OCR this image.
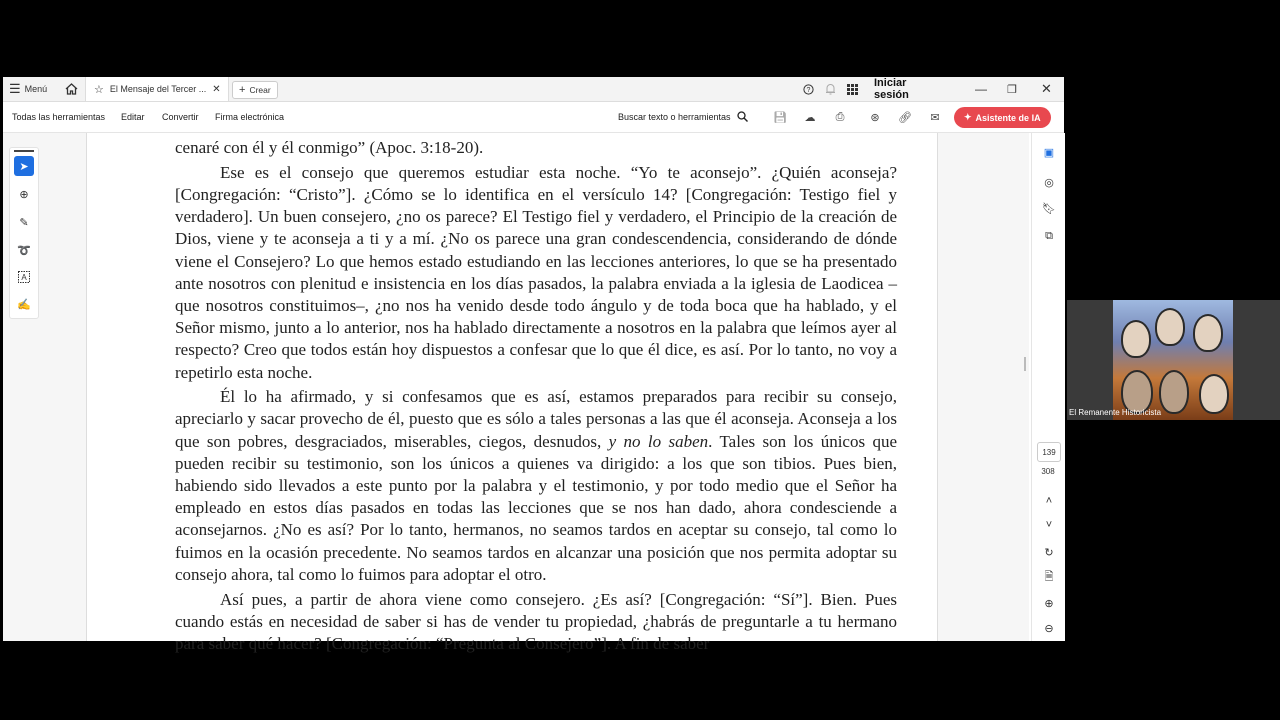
☰ Menú	☆ El Mensaje del Tercer ... ✕ + Crear	?
Iniciar sesión	— ❐ ✕
Todas las herramientas Editar Convertir Firma electrónica	Buscar texto o herramientas	💾︎	☁	⎙	⊛	🔗︎	✉	✦ Asistente de IA

cenaré con él y él conmigo” (Apoc. 3:18-20).

Ese es el consejo que queremos estudiar esta noche. “Yo te aconsejo”. ¿Quién aconseja? [Congregación: “Cristo”]. ¿Cómo se lo identifica en el versículo 14? [Congregación: Testigo fiel y verdadero]. Un buen consejero, ¿no os parece? El Testigo fiel y verdadero, el Principio de la creación de Dios, viene y te aconseja a ti y a mí. ¿No os parece una gran condescendencia, considerando de dónde viene el Consejero? Lo que hemos estado estudiando en las lecciones anteriores, lo que se ha presentado ante nosotros con plenitud e insistencia en los días pasados, la palabra enviada a la iglesia de Laodicea –que nosotros constituimos–, ¿no nos ha venido desde todo ángulo y de toda boca que ha hablado, y el Señor mismo, junto a lo anterior, nos ha hablado directamente a nosotros en la palabra que leímos ayer al respecto? Creo que todos están hoy dispuestos a confesar que lo que él dice, es así. Por lo tanto, no voy a repetirlo esta noche.

Él lo ha afirmado, y si confesamos que es así, estamos preparados para recibir su consejo, apreciarlo y sacar provecho de él, puesto que es sólo a tales personas a las que él aconseja. Aconseja a los que son pobres, desgraciados, miserables, ciegos, desnudos, y no lo saben. Tales son los únicos que pueden recibir su testimonio, son los únicos a quienes va dirigido: a los que son tibios. Pues bien, habiendo sido llevados a este punto por la palabra y el testimonio, y por todo medio que el Señor ha empleado en estos días pasados en todas las lecciones que se nos han dado, ahora condesciende a aconsejarnos. ¿No es así? Por lo tanto, hermanos, no seamos tardos en aceptar su consejo, tal como lo fuimos en la ocasión precedente. No seamos tardos en alcanzar una posición que nos permita adoptar su consejo ahora, tal como lo fuimos para adoptar el otro.

Así pues, a partir de ahora viene como consejero. ¿Es así? [Congregación: “Sí”]. Bien. Pues cuando estás en necesidad de saber si has de vender tu propiedad, ¿habrás de preguntarle a tu hermano para saber qué hacer? [Congregación: “Pregunta al Consejero”]. A fin de saber

➤
⊕
✎
➰
A
✍
▣
◎
🔖︎
⧉
139
308
˄
˅
↻
🗎︎
⊕
⊖
El Remanente Historicista
